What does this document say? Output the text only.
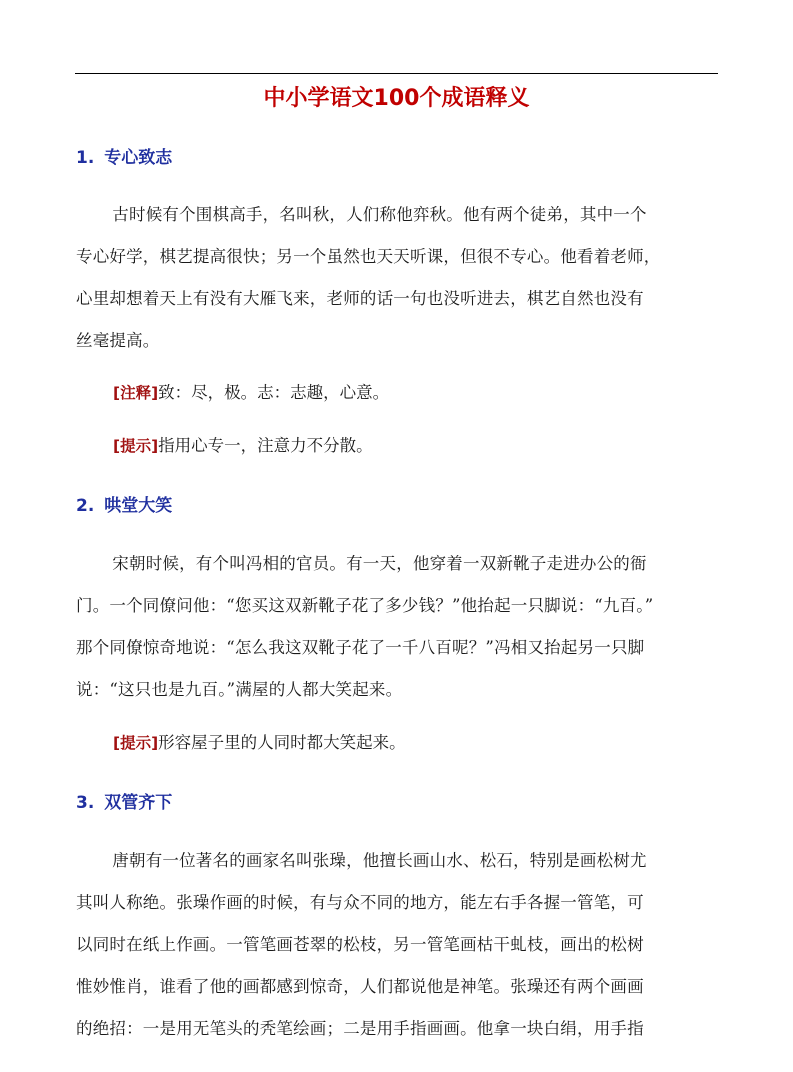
中小学语文100个成语释义
1. 专心致志
古时候有个围棋高手，名叫秋，人们称他弈秋。他有两个徒弟，其中一个
专心好学，棋艺提高很快；另一个虽然也天天听课，但很不专心。他看着老师，
心里却想着天上有没有大雁飞来，老师的话一句也没听进去，棋艺自然也没有
丝毫提高。
[注释]致：尽，极。志：志趣，心意。
[提示]指用心专一，注意力不分散。
2. 哄堂大笑
宋朝时候，有个叫冯相的官员。有一天，他穿着一双新靴子走进办公的衙
门。一个同僚问他：“您买这双新靴子花了多少钱？”他抬起一只脚说：“九百。”
那个同僚惊奇地说：“怎么我这双靴子花了一千八百呢？”冯相又抬起另一只脚
说：“这只也是九百。”满屋的人都大笑起来。
[提示]形容屋子里的人同时都大笑起来。
3. 双管齐下
唐朝有一位著名的画家名叫张璪，他擅长画山水、松石，特别是画松树尤
其叫人称绝。张璪作画的时候，有与众不同的地方，能左右手各握一管笔，可
以同时在纸上作画。一管笔画苍翠的松枝，另一管笔画枯干虬枝，画出的松树
惟妙惟肖，谁看了他的画都感到惊奇，人们都说他是神笔。张璪还有两个画画
的绝招：一是用无笔头的秃笔绘画；二是用手指画画。他拿一块白绢，用手指
